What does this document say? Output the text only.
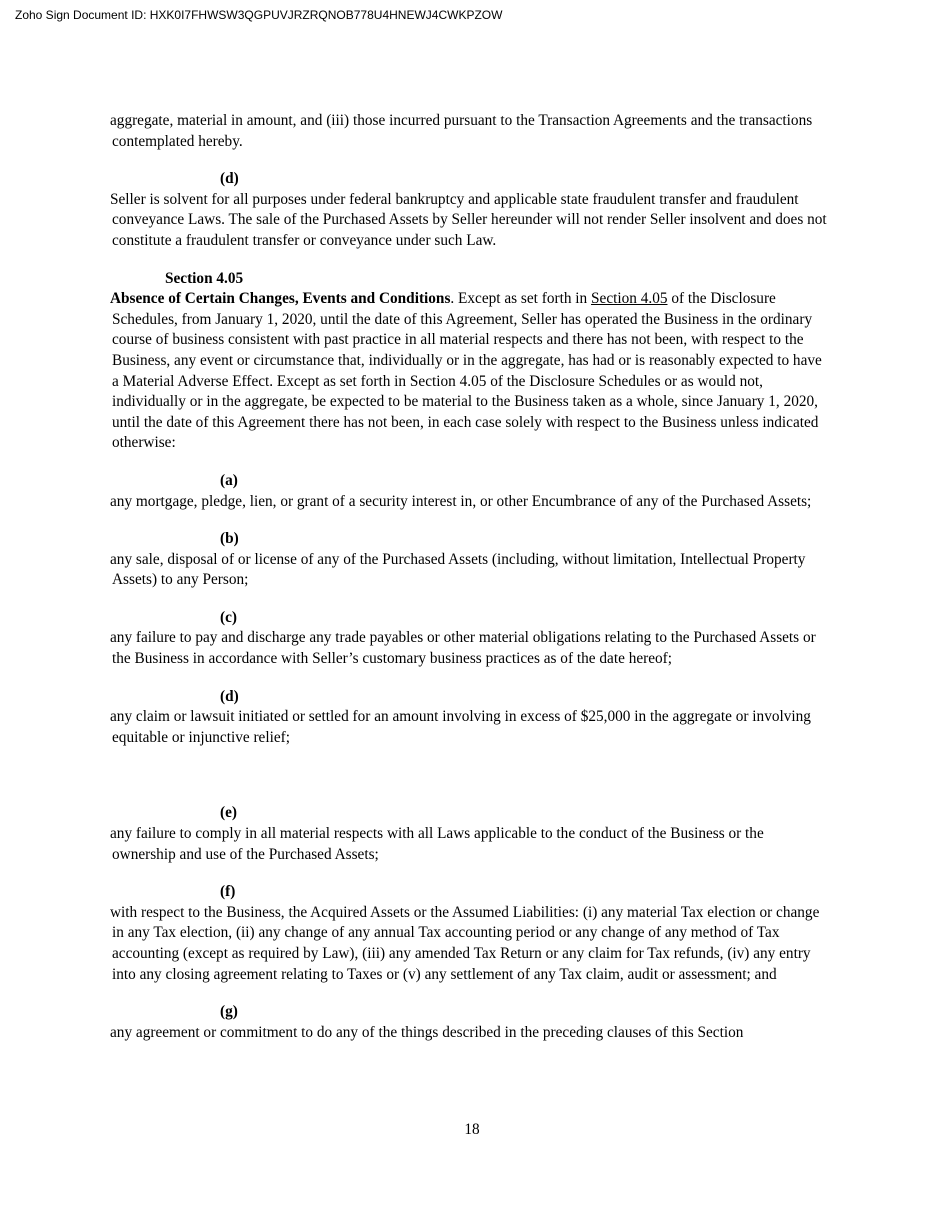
Zoho Sign Document ID: HXK0I7FHWSW3QGPUVJRZRQNOB778U4HNEWJ4CWKPZOW

aggregate, material in amount, and (iii) those incurred pursuant to the Transaction Agreements and the transactions contemplated hereby.

(d)

Seller is solvent for all purposes under federal bankruptcy and applicable state fraudulent transfer and fraudulent conveyance Laws. The sale of the Purchased Assets by Seller hereunder will not render Seller insolvent and does not constitute a fraudulent transfer or conveyance under such Law.

Section 4.05

Absence of Certain Changes, Events and Conditions. Except as set forth in Section 4.05 of the Disclosure Schedules, from January 1, 2020, until the date of this Agreement, Seller has operated the Business in the ordinary course of business consistent with past practice in all material respects and there has not been, with respect to the Business, any event or circumstance that, individually or in the aggregate, has had or is reasonably expected to have a Material Adverse Effect. Except as set forth in Section 4.05 of the Disclosure Schedules or as would not, individually or in the aggregate, be expected to be material to the Business taken as a whole, since January 1, 2020, until the date of this Agreement there has not been, in each case solely with respect to the Business unless indicated otherwise:

(a)

any mortgage, pledge, lien, or grant of a security interest in, or other Encumbrance of any of the Purchased Assets;

(b)

any sale, disposal of or license of any of the Purchased Assets (including, without limitation, Intellectual Property Assets) to any Person;

(c)

any failure to pay and discharge any trade payables or other material obligations relating to the Purchased Assets or the Business in accordance with Seller’s customary business practices as of the date hereof;

(d)

any claim or lawsuit initiated or settled for an amount involving in excess of $25,000 in the aggregate or involving equitable or injunctive relief;

(e)

any failure to comply in all material respects with all Laws applicable to the conduct of the Business or the ownership and use of the Purchased Assets;

(f)

with respect to the Business, the Acquired Assets or the Assumed Liabilities: (i) any material Tax election or change in any Tax election, (ii) any change of any annual Tax accounting period or any change of any method of Tax accounting (except as required by Law), (iii) any amended Tax Return or any claim for Tax refunds, (iv) any entry into any closing agreement relating to Taxes or (v) any settlement of any Tax claim, audit or assessment; and

(g)

any agreement or commitment to do any of the things described in the preceding clauses of this Section

18
